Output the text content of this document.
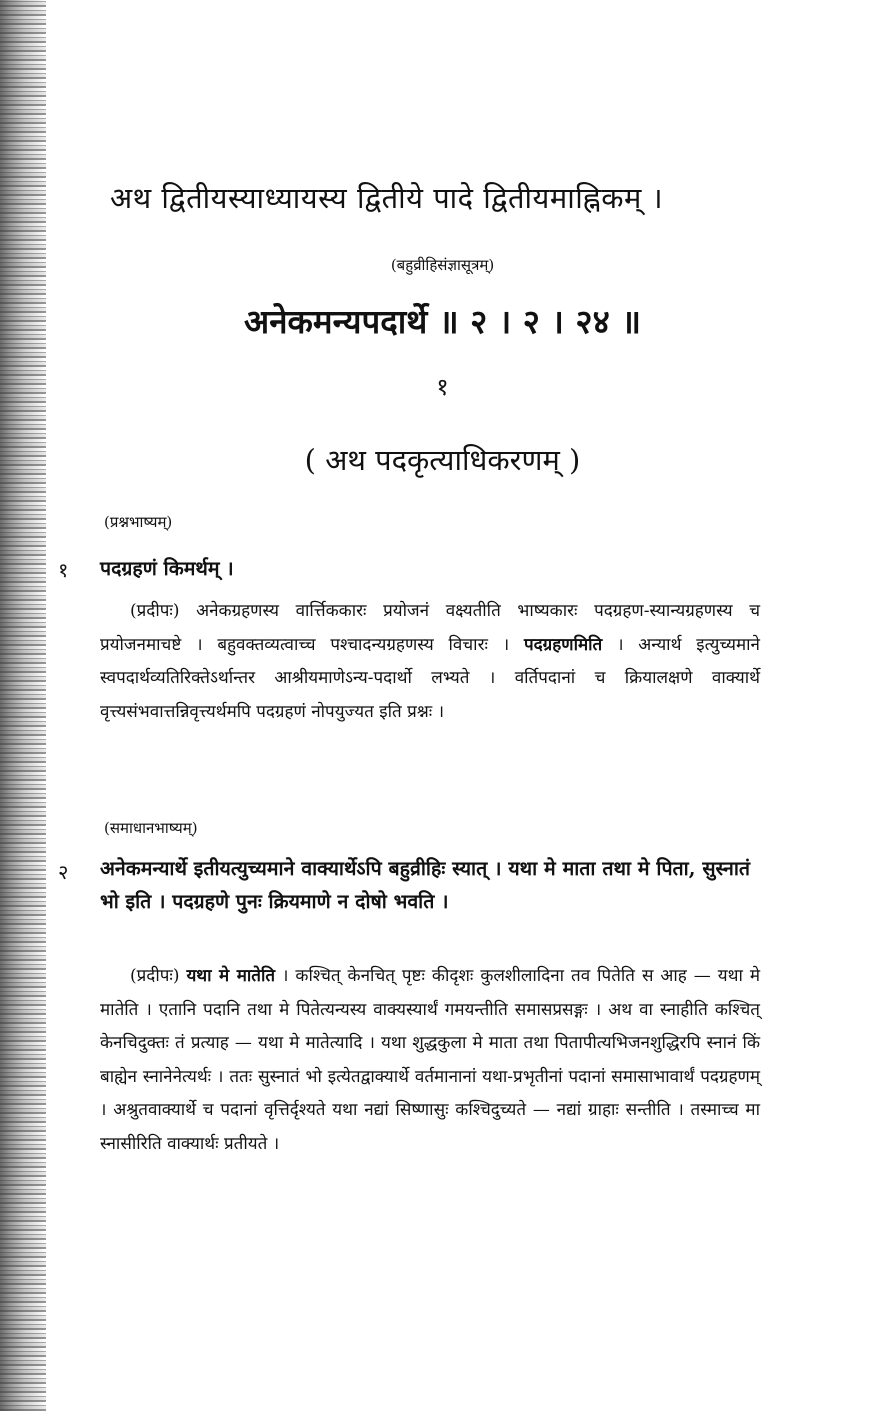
अथ द्वितीयस्याध्यायस्य द्वितीये पादे द्वितीयमाह्निकम् ।
(बहुव्रीहिसंज्ञासूत्रम्)
अनेकमन्यपदार्थे ॥ २ । २ । २४ ॥
१
( अथ पदकृत्याधिकरणम् )
(प्रश्नभाष्यम्)
१ पदग्रहणं किमर्थम् ।
(प्रदीपः) अनेकग्रहणस्य वार्त्तिककारः प्रयोजनं वक्ष्यतीति भाष्यकारः पदग्रहण-स्यान्यग्रहणस्य च प्रयोजनमाचष्टे । बहुवक्तव्यत्वाच्च पश्चादन्यग्रहणस्य विचारः । पदग्रहणमिति । अन्यार्थ इत्युच्यमाने स्वपदार्थव्यतिरिक्तेऽर्थान्तर आश्रीयमाणेऽन्य-पदार्थो लभ्यते । वर्तिपदानां च क्रियालक्षणे वाक्यार्थे वृत्त्यसंभवात्तन्निवृत्त्यर्थमपि पदग्रहणं नोपयुज्यत इति प्रश्नः ।
(समाधानभाष्यम्)
२ अनेकमन्यार्थे इतीयत्युच्यमाने वाक्यार्थेऽपि बहुव्रीहिः स्यात् । यथा मे माता तथा मे पिता, सुस्नातं भो इति । पदग्रहणे पुनः क्रियमाणे न दोषो भवति ।
(प्रदीपः) यथा मे मातेति । कश्चित् केनचित् पृष्टः कीदृशः कुलशीलादिना तव पितेति स आह — यथा मे मातेति । एतानि पदानि तथा मे पितेत्यन्यस्य वाक्यस्यार्थं गमयन्तीति समासप्रसङ्गः । अथ वा स्नाहीति कश्चित् केनचिदुक्तः तं प्रत्याह — यथा मे मातेत्यादि । यथा शुद्धकुला मे माता तथा पितापीत्यभिजनशुद्धिरपि स्नानं किं बाह्येन स्नानेनेत्यर्थः । ततः सुस्नातं भो इत्येतद्वाक्यार्थे वर्तमानानां यथा-प्रभृतीनां पदानां समासाभावार्थं पदग्रहणम् । अश्रुतवाक्यार्थे च पदानां वृत्तिर्दृश्यते यथा नद्यां सिष्णासुः कश्चिदुच्यते — नद्यां ग्राहाः सन्तीति । तस्माच्च मा स्नासीरिति वाक्यार्थः प्रतीयते ।
